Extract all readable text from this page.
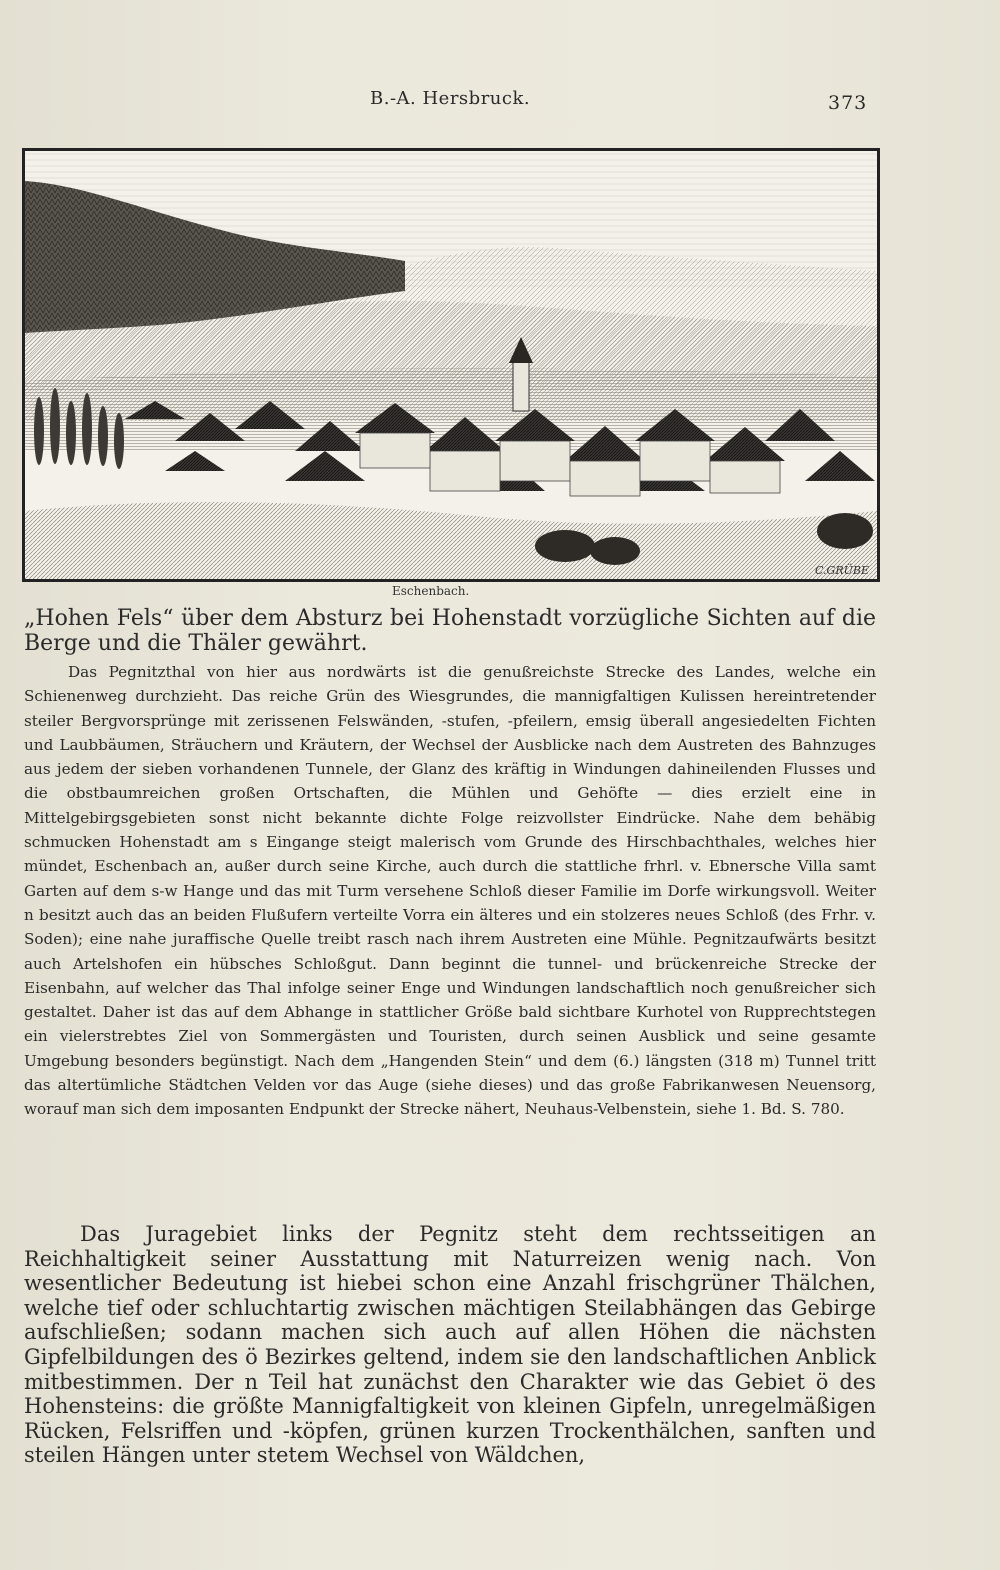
B.-A. Hersbruck.	373
C.GRÜBE
Eschenbach.

„Hohen Fels“ über dem Absturz bei Hohenstadt vorzügliche Sichten auf die Berge und die Thäler gewährt.

Das Pegnitzthal von hier aus nordwärts ist die genußreichste Strecke des Landes, welche ein Schienenweg durchzieht. Das reiche Grün des Wiesgrundes, die mannigfaltigen Kulissen hereintretender steiler Bergvorsprünge mit zerissenen Felswänden, -stufen, -pfeilern, emsig überall angesiedelten Fichten und Laubbäumen, Sträuchern und Kräutern, der Wechsel der Ausblicke nach dem Austreten des Bahnzuges aus jedem der sieben vorhandenen Tunnele, der Glanz des kräftig in Windungen dahineilenden Flusses und die obstbaumreichen großen Ortschaften, die Mühlen und Gehöfte — dies erzielt eine in Mittelgebirgsgebieten sonst nicht bekannte dichte Folge reizvollster Eindrücke. Nahe dem behäbig schmucken Hohenstadt am s Eingange steigt malerisch vom Grunde des Hirschbachthales, welches hier mündet, Eschenbach an, außer durch seine Kirche, auch durch die stattliche frhrl. v. Ebnersche Villa samt Garten auf dem s-w Hange und das mit Turm versehene Schloß dieser Familie im Dorfe wirkungsvoll. Weiter n besitzt auch das an beiden Flußufern verteilte Vorra ein älteres und ein stolzeres neues Schloß (des Frhr. v. Soden); eine nahe juraffische Quelle treibt rasch nach ihrem Austreten eine Mühle. Pegnitzaufwärts besitzt auch Artelshofen ein hübsches Schloßgut. Dann beginnt die tunnel- und brückenreiche Strecke der Eisenbahn, auf welcher das Thal infolge seiner Enge und Windungen landschaftlich noch genußreicher sich gestaltet. Daher ist das auf dem Abhange in stattlicher Größe bald sichtbare Kurhotel von Rupprechtstegen ein vielerstrebtes Ziel von Sommergästen und Touristen, durch seinen Ausblick und seine gesamte Umgebung besonders begünstigt. Nach dem „Hangenden Stein“ und dem (6.) längsten (318 m) Tunnel tritt das altertümliche Städtchen Velden vor das Auge (siehe dieses) und das große Fabrikanwesen Neuensorg, worauf man sich dem imposanten Endpunkt der Strecke nähert, Neuhaus-Velbenstein, siehe 1. Bd. S. 780.

Das Juragebiet links der Pegnitz steht dem rechtsseitigen an Reichhaltigkeit seiner Ausstattung mit Naturreizen wenig nach. Von wesentlicher Bedeutung ist hiebei schon eine Anzahl frischgrüner Thälchen, welche tief oder schluchtartig zwischen mächtigen Steilabhängen das Gebirge aufschließen; sodann machen sich auch auf allen Höhen die nächsten Gipfelbildungen des ö Bezirkes geltend, indem sie den landschaftlichen Anblick mitbestimmen. Der n Teil hat zunächst den Charakter wie das Gebiet ö des Hohensteins: die größte Mannigfaltigkeit von kleinen Gipfeln, unregelmäßigen Rücken, Felsriffen und -köpfen, grünen kurzen Trockenthälchen, sanften und steilen Hängen unter stetem Wechsel von Wäldchen,
